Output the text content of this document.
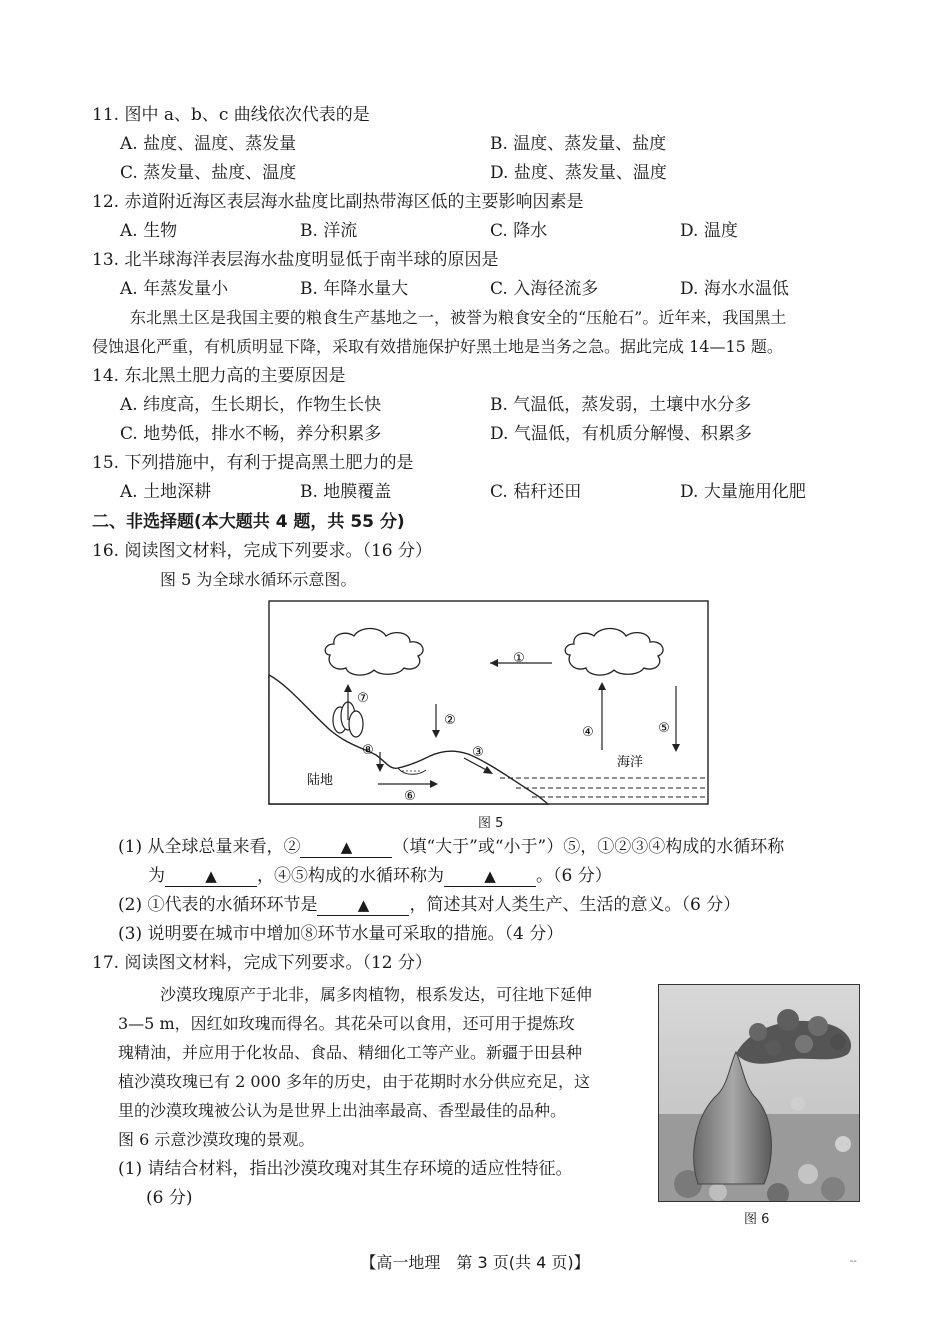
11. 图中 a、b、c 曲线依次代表的是
A. 盐度、温度、蒸发量	B. 温度、蒸发量、盐度
C. 蒸发量、盐度、温度	D. 盐度、蒸发量、温度
12. 赤道附近海区表层海水盐度比副热带海区低的主要影响因素是
A. 生物	B. 洋流	C. 降水	D. 温度
13. 北半球海洋表层海水盐度明显低于南半球的原因是
A. 年蒸发量小	B. 年降水量大	C. 入海径流多	D. 海水水温低
东北黑土区是我国主要的粮食生产基地之一，被誉为粮食安全的“压舱石”。近年来，我国黑土
侵蚀退化严重，有机质明显下降，采取有效措施保护好黑土地是当务之急。据此完成 14—15 题。
14. 东北黑土肥力高的主要原因是
A. 纬度高，生长期长，作物生长快	B. 气温低，蒸发弱，土壤中水分多
C. 地势低，排水不畅，养分积累多	D. 气温低，有机质分解慢、积累多
15. 下列措施中，有利于提高黑土肥力的是
A. 土地深耕	B. 地膜覆盖	C. 秸秆还田	D. 大量施用化肥
二、非选择题(本大题共 4 题，共 55 分)
16. 阅读图文材料，完成下列要求。（16 分）
图 5 为全球水循环示意图。
①
⑦
②
⑧	③
⑥
④	⑤
陆地
海洋
图 5
(1) 从全球总量来看，②	▲ （填“大于”或“小于”）⑤，①②③④构成的水循环称
为	▲ ，④⑤构成的水循环称为	▲ 。（6 分）
(2) ①代表的水循环环节是	▲ ，简述其对人类生产、生活的意义。（6 分）
(3) 说明要在城市中增加⑧环节水量可采取的措施。（4 分）
17. 阅读图文材料，完成下列要求。（12 分）
沙漠玫瑰原产于北非，属多肉植物，根系发达，可往地下延伸
3—5 m，因红如玫瑰而得名。其花朵可以食用，还可用于提炼玫
瑰精油，并应用于化妆品、食品、精细化工等产业。新疆于田县种
植沙漠玫瑰已有 2 000 多年的历史，由于花期时水分供应充足，这
里的沙漠玫瑰被公认为是世界上出油率最高、香型最佳的品种。
图 6 示意沙漠玫瑰的景观。
(1) 请结合材料，指出沙漠玫瑰对其生存环境的适应性特征。
(6 分)
图 6
【高一地理　第 3 页(共 4 页)】	--
